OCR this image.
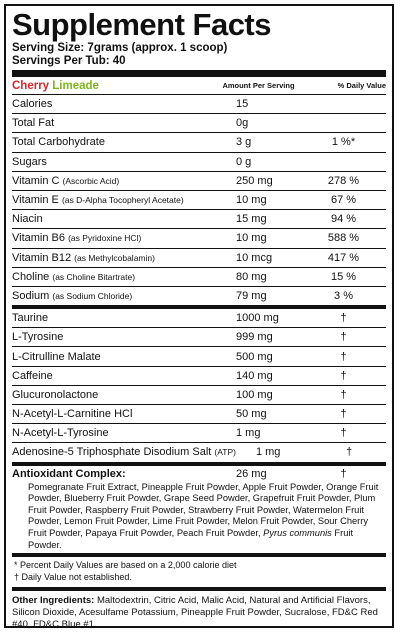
Supplement Facts
Serving Size: 7grams (approx. 1 scoop)
Servings Per Tub: 40
Cherry Limeade	Amount Per Serving	% Daily Value
Calories	15
Total Fat	0g
Total Carbohydrate	3 g	1 %*
Sugars	0 g
Vitamin C (Ascorbic Acid)	250 mg	278 %
Vitamin E (as D-Alpha Tocopheryl Acetate)	10 mg	67 %
Niacin	15 mg	94 %
Vitamin B6 (as Pyridoxine HCl)	10 mg	588 %
Vitamin B12 (as Methylcobalamin)	10 mcg	417 %
Choline (as Choline Bitartrate)	80 mg	15 %
Sodium (as Sodium Chloride)	79 mg	3 %
Taurine	1000 mg	†
L-Tyrosine	999 mg	†
L-Citrulline Malate	500 mg	†
Caffeine	140 mg	†
Glucuronolactone	100 mg	†
N-Acetyl-L-Carnitine HCl	50 mg	†
N-Acetyl-L-Tyrosine	1 mg	†
Adenosine-5 Triphosphate Disodium Salt (ATP)	1 mg	†
Antioxidant Complex:	26 mg	†
Pomegranate Fruit Extract, Pineapple Fruit Powder, Apple Fruit Powder, Orange Fruit Powder, Blueberry Fruit Powder, Grape Seed Powder, Grapefruit Fruit Powder, Plum Fruit Powder, Raspberry Fruit Powder, Strawberry Fruit Powder, Watermelon Fruit Powder, Lemon Fruit Powder, Lime Fruit Powder, Melon Fruit Powder, Sour Cherry Fruit Powder, Papaya Fruit Powder, Peach Fruit Powder, Pyrus communis Fruit Powder.
* Percent Daily Values are based on a 2,000 calorie diet
† Daily Value not established.
Other Ingredients: Maltodextrin, Citric Acid, Malic Acid, Natural and Artificial Flavors, Silicon Dioxide, Acesulfame Potassium, Pineapple Fruit Powder, Sucralose, FD&C Red #40, FD&C Blue #1.
